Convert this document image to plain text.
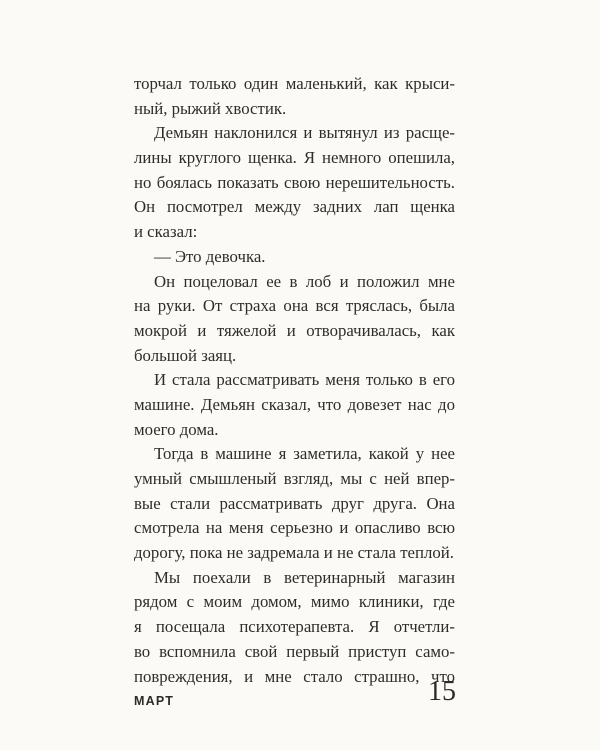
торчал только один маленький, как крыси-
ный, рыжий хвостик.
Демьян наклонился и вытянул из расще-
лины круглого щенка. Я немного опешила,
но боялась показать свою нерешительность.
Он посмотрел между задних лап щенка
и сказал:
— Это девочка.
Он поцеловал ее в лоб и положил мне
на руки. От страха она вся тряслась, была
мокрой и тяжелой и отворачивалась, как
большой заяц.
И стала рассматривать меня только в его
машине. Демьян сказал, что довезет нас до
моего дома.
Тогда в машине я заметила, какой у нее
умный смышленый взгляд, мы с ней впер-
вые стали рассматривать друг друга. Она
смотрела на меня серьезно и опасливо всю
дорогу, пока не задремала и не стала теплой.
Мы поехали в ветеринарный магазин
рядом с моим домом, мимо клиники, где
я посещала психотерапевта. Я отчетли-
во вспомнила свой первый приступ само-
повреждения, и мне стало страшно, что
МАРТ	15
